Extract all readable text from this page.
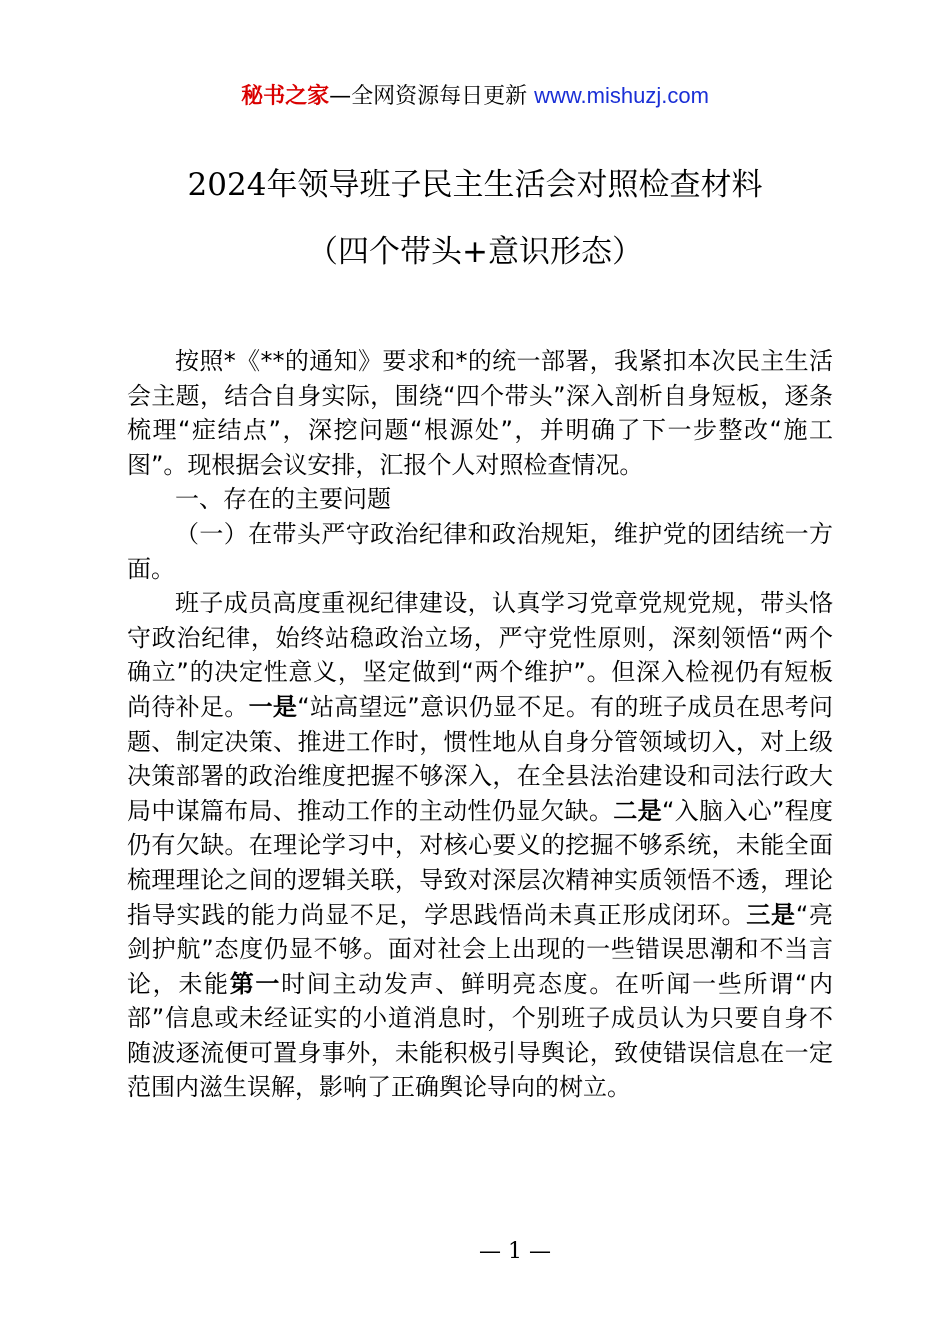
秘书之家—全网资源每日更新 www.mishuzj.com
2024年领导班子民主生活会对照检查材料
（四个带头+意识形态）

按照*《**的通知》要求和*的统一部署，我紧扣本次民主生活会主题，结合自身实际，围绕“四个带头”深入剖析自身短板，逐条梳理“症结点”，深挖问题“根源处”，并明确了下一步整改“施工图”。现根据会议安排，汇报个人对照检查情况。

一、存在的主要问题

（一）在带头严守政治纪律和政治规矩，维护党的团结统一方面。

班子成员高度重视纪律建设，认真学习党章党规党规，带头恪守政治纪律，始终站稳政治立场，严守党性原则，深刻领悟“两个确立”的决定性意义，坚定做到“两个维护”。但深入检视仍有短板尚待补足。一是“站高望远”意识仍显不足。有的班子成员在思考问题、制定决策、推进工作时，惯性地从自身分管领域切入，对上级决策部署的政治维度把握不够深入，在全县法治建设和司法行政大局中谋篇布局、推动工作的主动性仍显欠缺。二是“入脑入心”程度仍有欠缺。在理论学习中，对核心要义的挖掘不够系统，未能全面梳理理论之间的逻辑关联，导致对深层次精神实质领悟不透，理论指导实践的能力尚显不足，学思践悟尚未真正形成闭环。三是“亮剑护航”态度仍显不够。面对社会上出现的一些错误思潮和不当言论，未能第一时间主动发声、鲜明亮态度。在听闻一些所谓“内部”信息或未经证实的小道消息时，个别班子成员认为只要自身不随波逐流便可置身事外，未能积极引导舆论，致使错误信息在一定范围内滋生误解，影响了正确舆论导向的树立。

— 1 —
